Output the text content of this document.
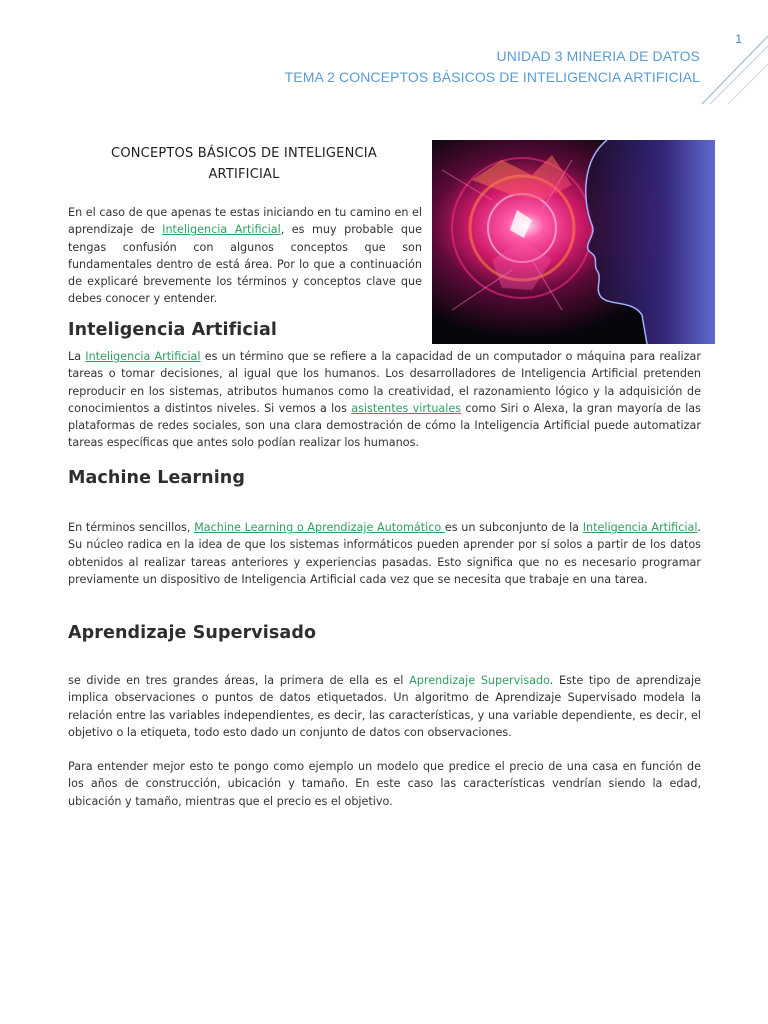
1
UNIDAD 3 MINERIA DE DATOS
TEMA 2 CONCEPTOS BÁSICOS DE INTELIGENCIA ARTIFICIAL
CONCEPTOS BÁSICOS DE INTELIGENCIA
ARTIFICIAL

En el caso de que apenas te estas iniciando en tu camino en el aprendizaje de Inteligencia Artificial, es muy probable que tengas confusión con algunos conceptos que son fundamentales dentro de está área. Por lo que a continuación de explicaré brevemente los términos y conceptos clave que debes conocer y entender.

Inteligencia Artificial

La Inteligencia Artificial es un término que se refiere a la capacidad de un computador o máquina para realizar tareas o tomar decisiones, al igual que los humanos. Los desarrolladores de Inteligencia Artificial pretenden reproducir en los sistemas, atributos humanos como la creatividad, el razonamiento lógico y la adquisición de conocimientos a distintos niveles. Si vemos a los asistentes virtuales como Siri o Alexa, la gran mayoría de las plataformas de redes sociales, son una clara demostración de cómo la Inteligencia Artificial puede automatizar tareas específicas que antes solo podían realizar los humanos.

Machine Learning

En términos sencillos, Machine Learning o Aprendizaje Automático es un subconjunto de la Inteligencia Artificial. Su núcleo radica en la idea de que los sistemas informáticos pueden aprender por sí solos a partir de los datos obtenidos al realizar tareas anteriores y experiencias pasadas. Esto significa que no es necesario programar previamente un dispositivo de Inteligencia Artificial cada vez que se necesita que trabaje en una tarea.

Aprendizaje Supervisado

se divide en tres grandes áreas, la primera de ella es el Aprendizaje Supervisado. Este tipo de aprendizaje implica observaciones o puntos de datos etiquetados. Un algoritmo de Aprendizaje Supervisado modela la relación entre las variables independientes, es decir, las características, y una variable dependiente, es decir, el objetivo o la etiqueta, todo esto dado un conjunto de datos con observaciones.

Para entender mejor esto te pongo como ejemplo un modelo que predice el precio de una casa en función de los años de construcción, ubicación y tamaño. En este caso las características vendrían siendo la edad, ubicación y tamaño, mientras que el precio es el objetivo.
